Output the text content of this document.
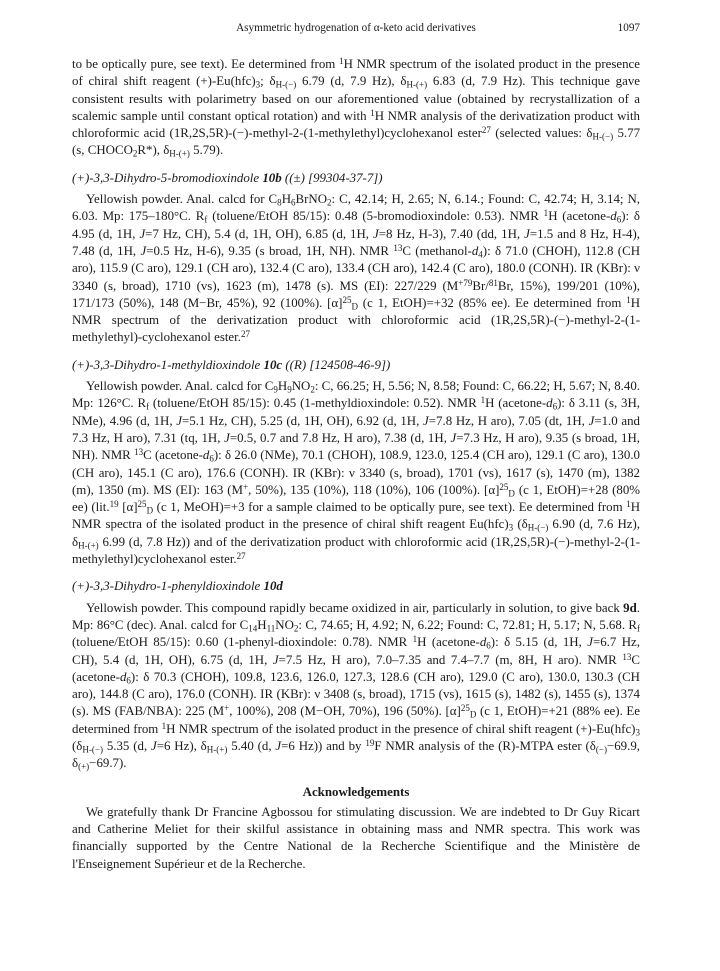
Asymmetric hydrogenation of α-keto acid derivatives	1097

to be optically pure, see text). Ee determined from $^1$H NMR spectrum of the isolated product in the presence of chiral shift reagent $(+)-Eu(hfc)_3$; $\delta_{H-(-)}$ 6.79 (d, 7.9 Hz), $\delta_{H-(+)}$ 6.83 (d, 7.9 Hz). This technique gave consistent results with polarimetry based on our aforementioned value (obtained by recrystallization of a scalemic sample until constant optical rotation) and with $^1$H NMR analysis of the derivatization product with chloroformic acid (1R,2S,5R)-(−)-methyl-2-(1-methylethyl)cyclohexanol ester$^{27}$ (selected values: $\delta_{H-(-)}$ 5.77 (s, $CHOCO_2R*$), $\delta_{H-(+)}$ 5.79).

(+)-3,3-Dihydro-5-bromodioxindole 10b ((±) [99304-37-7])

Yellowish powder. Anal. calcd for $C_8H_6BrNO_2$: C, 42.14; H, 2.65; N, 6.14.; Found: C, 42.74; H, 3.14; N, 6.03. Mp: 175–180°C. $R_f$ (toluene/EtOH 85/15): 0.48 (5-bromodioxindole: 0.53). NMR $^1$H $(acetone-d_6)$: δ 4.95 (d, 1H, J=7 Hz, CH), 5.4 (d, 1H, OH), 6.85 (d, 1H, J=8 Hz, H-3), 7.40 (dd, 1H, J=1.5 and 8 Hz, H-4), 7.48 (d, 1H, J=0.5 Hz, H-6), 9.35 (s broad, 1H, NH). NMR $^{13}$C $(methanol-d_4)$: δ 71.0 (CHOH), 112.8 (CH aro), 115.9 (C aro), 129.1 (CH aro), 132.4 (C aro), 133.4 (CH aro), 142.4 (C aro), 180.0 (CONH). IR (KBr): ν 3340 (s, broad), 1710 (vs), 1623 (m), 1478 (s). MS (EI): 227/229 ($M^{+79}Br/^{81}Br$, 15%), 199/201 (10%), 171/173 (50%), 148 (M−Br, 45%), 92 (100%). $[\alpha]^{25}_D$ (c 1, EtOH)=+32 (85% ee). Ee determined from $^1$H NMR spectrum of the derivatization product with chloroformic acid (1R,2S,5R)-(−)-methyl-2-(1-methylethyl)-cyclohexanol ester.$^{27}$

(+)-3,3-Dihydro-1-methyldioxindole 10c ((R) [124508-46-9])

Yellowish powder. Anal. calcd for $C_9H_9NO_2$: C, 66.25; H, 5.56; N, 8.58; Found: C, 66.22; H, 5.67; N, 8.40. Mp: 126°C. $R_f$ (toluene/EtOH 85/15): 0.45 (1-methyldioxindole: 0.52). NMR $^1$H $(acetone-d_6)$: δ 3.11 (s, 3H, NMe), 4.96 (d, 1H, J=5.1 Hz, CH), 5.25 (d, 1H, OH), 6.92 (d, 1H, J=7.8 Hz, H aro), 7.05 (dt, 1H, J=1.0 and 7.3 Hz, H aro), 7.31 (tq, 1H, J=0.5, 0.7 and 7.8 Hz, H aro), 7.38 (d, 1H, J=7.3 Hz, H aro), 9.35 (s broad, 1H, NH). NMR $^{13}$C $(acetone-d_6)$: δ 26.0 (NMe), 70.1 (CHOH), 108.9, 123.0, 125.4 (CH aro), 129.1 (C aro), 130.0 (CH aro), 145.1 (C aro), 176.6 (CONH). IR (KBr): ν 3340 (s, broad), 1701 (vs), 1617 (s), 1470 (m), 1382 (m), 1350 (m). MS (EI): 163 (M+, 50%), 135 (10%), 118 (10%), 106 (100%). $[\alpha]^{25}_D$ (c 1, EtOH)=+28 (80% ee) (lit.$^{19}$ $[\alpha]^{25}_D$ (c 1, MeOH)=+3 for a sample claimed to be optically pure, see text). Ee determined from $^1$H NMR spectra of the isolated product in the presence of chiral shift reagent $Eu(hfc)_3$ ($\delta_{H-(-)}$ 6.90 (d, 7.6 Hz), $\delta_{H-(+)}$ 6.99 (d, 7.8 Hz)) and of the derivatization product with chloroformic acid (1R,2S,5R)-(−)-methyl-2-(1-methylethyl)cyclohexanol ester.$^{27}$

(+)-3,3-Dihydro-1-phenyldioxindole 10d

Yellowish powder. This compound rapidly became oxidized in air, particularly in solution, to give back 9d. Mp: 86°C (dec). Anal. calcd for $C_{14}H_{11}NO_2$: C, 74.65; H, 4.92; N, 6.22; Found: C, 72.81; H, 5.17; N, 5.68. $R_f$ (toluene/EtOH 85/15): 0.60 (1-phenyl-dioxindole: 0.78). NMR $^1$H $(acetone-d_6)$: δ 5.15 (d, 1H, J=6.7 Hz, CH), 5.4 (d, 1H, OH), 6.75 (d, 1H, J=7.5 Hz, H aro), 7.0–7.35 and 7.4–7.7 (m, 8H, H aro). NMR $^{13}$C $(acetone-d_6)$: δ 70.3 (CHOH), 109.8, 123.6, 126.0, 127.3, 128.6 (CH aro), 129.0 (C aro), 130.0, 130.3 (CH aro), 144.8 (C aro), 176.0 (CONH). IR (KBr): ν 3408 (s, broad), 1715 (vs), 1615 (s), 1482 (s), 1455 (s), 1374 (s). MS (FAB/NBA): 225 (M+, 100%), 208 (M−OH, 70%), 196 (50%). $[\alpha]^{25}_D$ (c 1, EtOH)=+21 (88% ee). Ee determined from $^1$H NMR spectrum of the isolated product in the presence of chiral shift reagent $(+)-Eu(hfc)_3$ ($\delta_{H-(-)}$ 5.35 (d, J=6 Hz), $\delta_{H-(+)}$ 5.40 (d, J=6 Hz)) and by $^{19}$F NMR analysis of the (R)-MTPA ester ($\delta_{(-)}-69.9$, $\delta_{(+)}-69.7$).

Acknowledgements

We gratefully thank Dr Francine Agbossou for stimulating discussion. We are indebted to Dr Guy Ricart and Catherine Meliet for their skilful assistance in obtaining mass and NMR spectra. This work was financially supported by the Centre National de la Recherche Scientifique and the Ministère de l'Enseignement Supérieur et de la Recherche.
